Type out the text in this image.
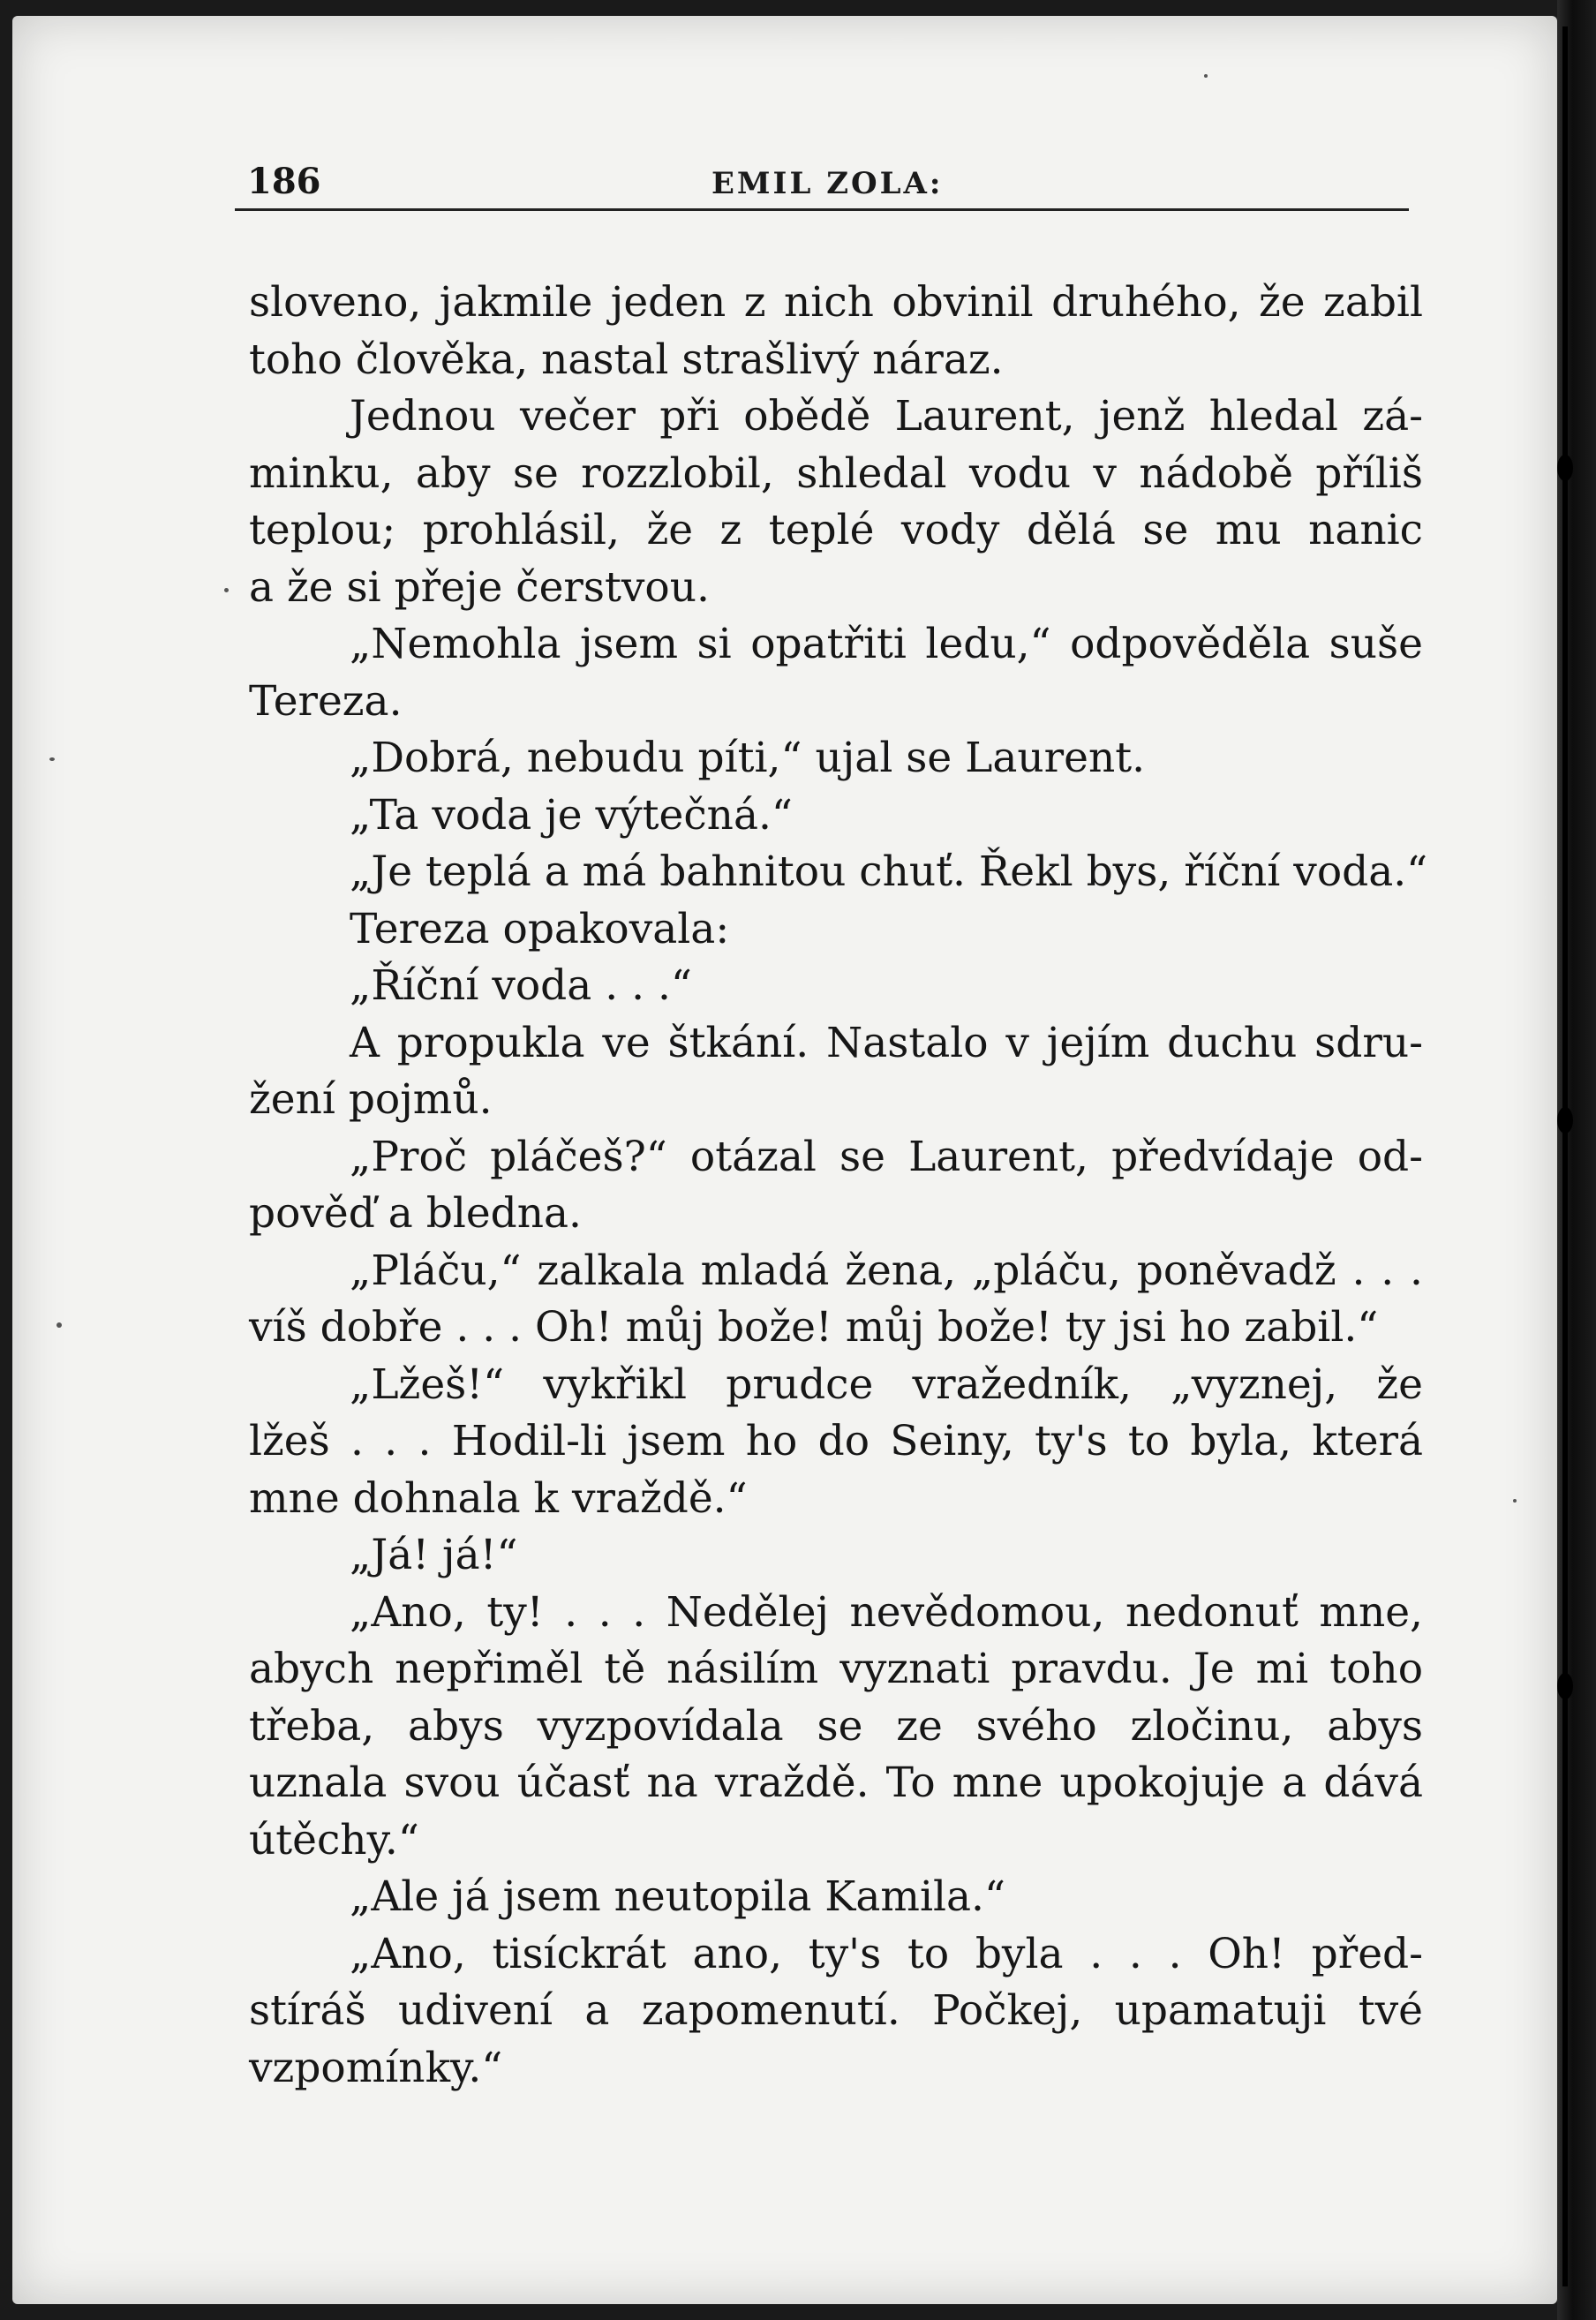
186	EMIL ZOLA:
sloveno, jakmile jeden z nich obvinil druhého, že zabil
toho člověka, nastal strašlivý náraz.
Jednou večer při obědě Laurent, jenž hledal zá-
minku, aby se rozzlobil, shledal vodu v nádobě příliš
teplou; prohlásil, že z teplé vody dělá se mu nanic
a že si přeje čerstvou.
„Nemohla jsem si opatřiti ledu,“ odpověděla suše
Tereza.
„Dobrá, nebudu píti,“ ujal se Laurent.
„Ta voda je výtečná.“
„Je teplá a má bahnitou chuť. Řekl bys, říční voda.“
Tereza opakovala:
„Říční voda . . .“
A propukla ve štkání. Nastalo v jejím duchu sdru-
žení pojmů.
„Proč pláčeš?“ otázal se Laurent, předvídaje od-
pověď a bledna.
„Pláču,“ zalkala mladá žena, „pláču, poněvadž . . .
víš dobře . . . Oh! můj bože! můj bože! ty jsi ho zabil.“
„Lžeš!“ vykřikl prudce vražedník, „vyznej, že
lžeš . . . Hodil-li jsem ho do Seiny, ty's to byla, která
mne dohnala k vraždě.“
„Já! já!“
„Ano, ty! . . . Nedělej nevědomou, nedonuť mne,
abych nepřiměl tě násilím vyznati pravdu. Je mi toho
třeba, abys vyzpovídala se ze svého zločinu, abys
uznala svou účasť na vraždě. To mne upokojuje a dává
útěchy.“
„Ale já jsem neutopila Kamila.“
„Ano, tisíckrát ano, ty's to byla . . . Oh! před-
stíráš udivení a zapomenutí. Počkej, upamatuji tvé
vzpomínky.“
